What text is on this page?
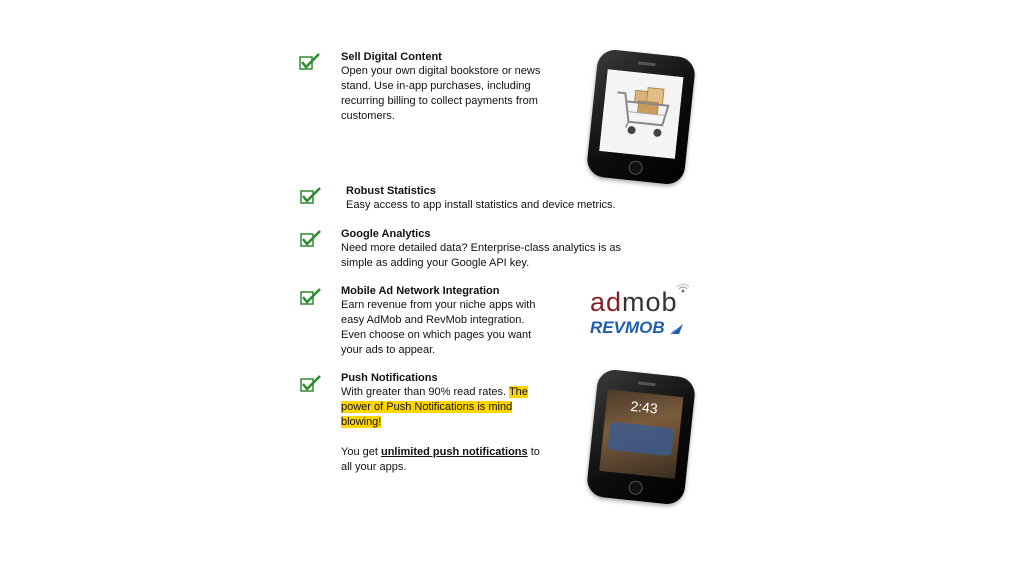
Sell Digital Content
Open your own digital bookstore or news
stand. Use in-app purchases, including
recurring billing to collect payments from
customers.
Robust Statistics
Easy access to app install statistics and device metrics.
Google Analytics
Need more detailed data? Enterprise-class analytics is as
simple as adding your Google API key.
Mobile Ad Network Integration
Earn revenue from your niche apps with
easy AdMob and RevMob integration.
Even choose on which pages you want
your ads to appear.
admob
REVMOB
Push Notifications
With greater than 90% read rates. The
power of Push Notifications is mind
blowing!
You get unlimited push notifications to
all your apps.
2:43
